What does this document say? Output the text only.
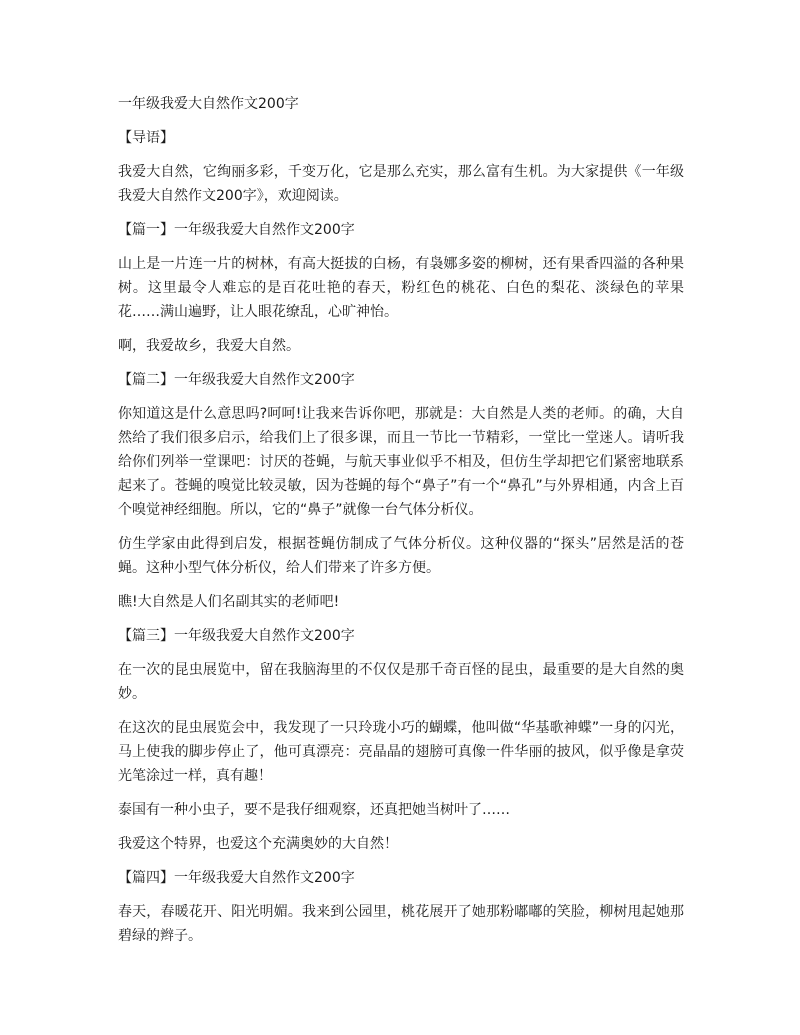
一年级我爱大自然作文200字
【导语】
我爱大自然，它绚丽多彩，千变万化，它是那么充实，那么富有生机。为大家提供《一年级我爱大自然作文200字》，欢迎阅读。
【篇一】一年级我爱大自然作文200字
山上是一片连一片的树林，有高大挺拔的白杨，有袅娜多姿的柳树，还有果香四溢的各种果树。这里最令人难忘的是百花吐艳的春天，粉红色的桃花、白色的梨花、淡绿色的苹果花……满山遍野，让人眼花缭乱，心旷神怡。
啊，我爱故乡，我爱大自然。
【篇二】一年级我爱大自然作文200字
你知道这是什么意思吗?呵呵!让我来告诉你吧，那就是：大自然是人类的老师。的确，大自然给了我们很多启示，给我们上了很多课，而且一节比一节精彩，一堂比一堂迷人。请听我给你们列举一堂课吧：讨厌的苍蝇，与航天事业似乎不相及，但仿生学却把它们紧密地联系起来了。苍蝇的嗅觉比较灵敏，因为苍蝇的每个“鼻子”有一个“鼻孔”与外界相通，内含上百个嗅觉神经细胞。所以，它的“鼻子”就像一台气体分析仪。
仿生学家由此得到启发，根据苍蝇仿制成了气体分析仪。这种仪器的“探头”居然是活的苍蝇。这种小型气体分析仪，给人们带来了许多方便。
瞧!大自然是人们名副其实的老师吧!
【篇三】一年级我爱大自然作文200字
在一次的昆虫展览中，留在我脑海里的不仅仅是那千奇百怪的昆虫，最重要的是大自然的奥妙。
在这次的昆虫展览会中，我发现了一只玲珑小巧的蝴蝶，他叫做“华基歌神蝶”一身的闪光，马上使我的脚步停止了，他可真漂亮：亮晶晶的翅膀可真像一件华丽的披风，似乎像是拿荧光笔涂过一样，真有趣！
泰国有一种小虫子，要不是我仔细观察，还真把她当树叶了……
我爱这个特界，也爱这个充满奥妙的大自然！
【篇四】一年级我爱大自然作文200字
春天，春暖花开、阳光明媚。我来到公园里，桃花展开了她那粉嘟嘟的笑脸，柳树甩起她那碧绿的辫子。
